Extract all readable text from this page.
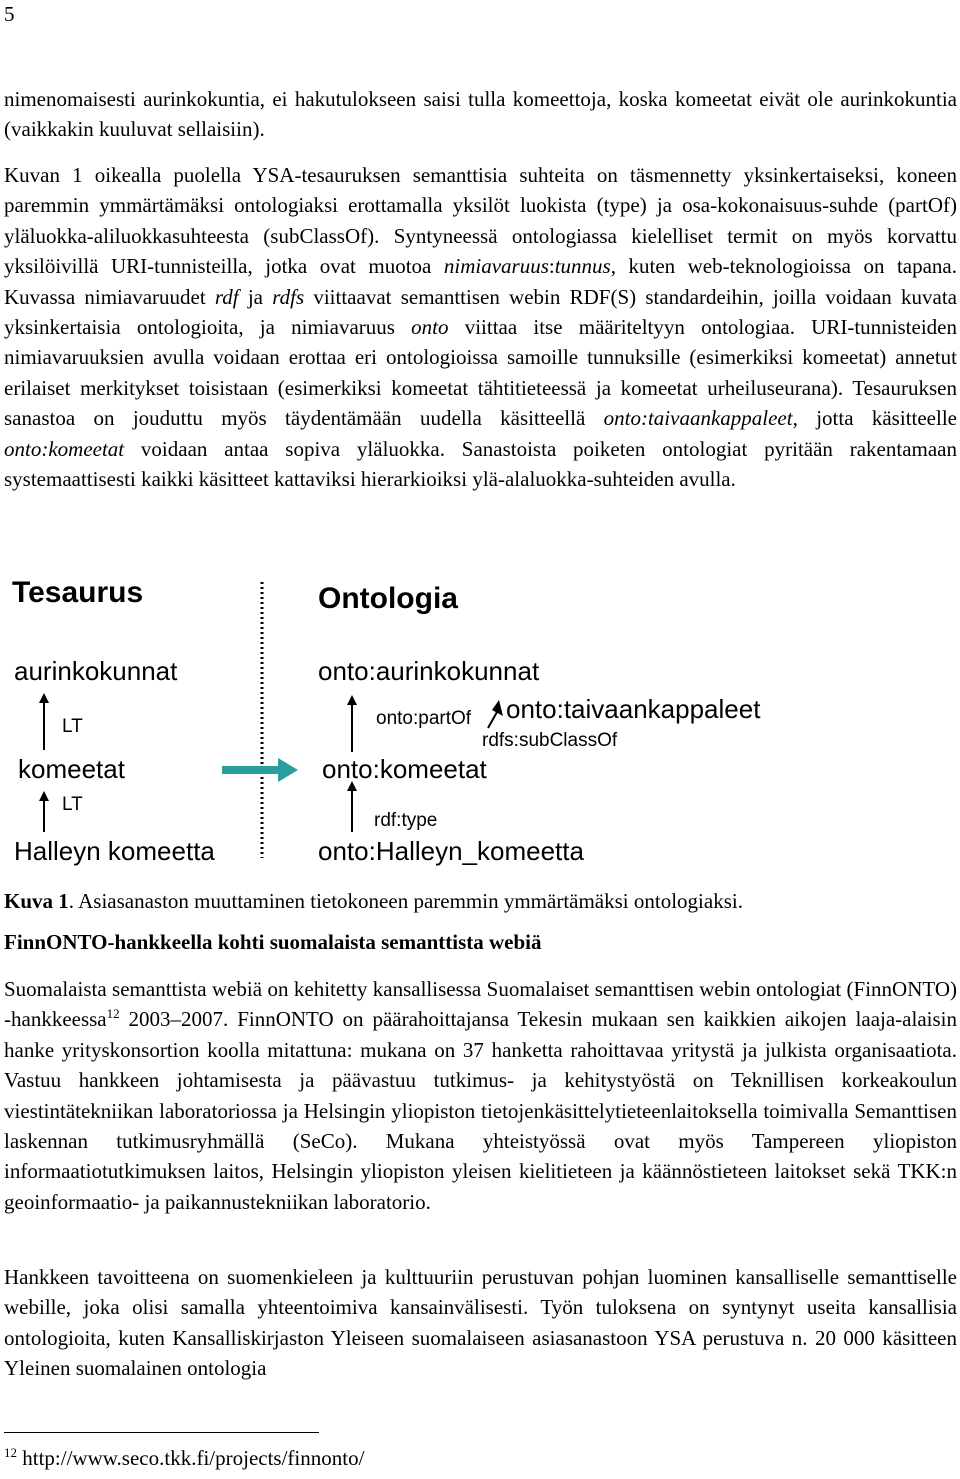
5

nimenomaisesti aurinkokuntia, ei hakutulokseen saisi tulla komeettoja, koska komeetat eivät ole aurinkokuntia (vaikkakin kuuluvat sellaisiin).

Kuvan 1 oikealla puolella YSA-tesauruksen semanttisia suhteita on täsmennetty yksinkertaiseksi, koneen paremmin ymmärtämäksi ontologiaksi erottamalla yksilöt luokista (type) ja osa-kokonaisuus-suhde (partOf) yläluokka-aliluokkasuhteesta (subClassOf). Syntyneessä ontologiassa kielelliset termit on myös korvattu yksilöivillä URI-tunnisteilla, jotka ovat muotoa nimiavaruus:tunnus, kuten web-teknologioissa on tapana. Kuvassa nimiavaruudet rdf ja rdfs viittaavat semanttisen webin RDF(S) standardeihin, joilla voidaan kuvata yksinkertaisia ontologioita, ja nimiavaruus onto viittaa itse määriteltyyn ontologiaa. URI-tunnisteiden nimiavaruuksien avulla voidaan erottaa eri ontologioissa samoille tunnuksille (esimerkiksi komeetat) annetut erilaiset merkitykset toisistaan (esimerkiksi komeetat tähtitieteessä ja komeetat urheiluseurana). Tesauruksen sanastoa on jouduttu myös täydentämään uudella käsitteellä onto:taivaankappaleet, jotta käsitteelle onto:komeetat voidaan antaa sopiva yläluokka. Sanastoista poiketen ontologiat pyritään rakentamaan systemaattisesti kaikki käsitteet kattaviksi hierarkioiksi ylä-alaluokka-suhteiden avulla.

Tesaurus	Ontologia
aurinkokunnat
LT
komeetat
LT
Halleyn komeetta
onto:aurinkokunnat
onto:partOf onto:taivaankappaleet
rdfs:subClassOf
onto:komeetat
rdf:type
onto:Halleyn_komeetta
Kuva 1. Asiasanaston muuttaminen tietokoneen paremmin ymmärtämäksi ontologiaksi.
FinnONTO-hankkeella kohti suomalaista semanttista webiä

Suomalaista semanttista webiä on kehitetty kansallisessa Suomalaiset semanttisen webin ontologiat (FinnONTO) -hankkeessa$^{12}$ 2003–2007. FinnONTO on päärahoittajansa Tekesin mukaan sen kaikkien aikojen laaja-alaisin hanke yrityskonsortion koolla mitattuna: mukana on 37 hanketta rahoittavaa yritystä ja julkista organisaatiota. Vastuu hankkeen johtamisesta ja päävastuu tutkimus- ja kehitystyöstä on Teknillisen korkeakoulun viestintätekniikan laboratoriossa ja Helsingin yliopiston tietojenkäsittelytieteenlaitoksella toimivalla Semanttisen laskennan tutkimusryhmällä (SeCo). Mukana yhteistyössä ovat myös Tampereen yliopiston informaatiotutkimuksen laitos, Helsingin yliopiston yleisen kielitieteen ja käännöstieteen laitokset sekä TKK:n geoinformaatio- ja paikannustekniikan laboratorio.

Hankkeen tavoitteena on suomenkieleen ja kulttuuriin perustuvan pohjan luominen kansalliselle semanttiselle webille, joka olisi samalla yhteentoimiva kansainvälisesti. Työn tuloksena on syntynyt useita kansallisia ontologioita, kuten Kansalliskirjaston Yleiseen suomalaiseen asiasanastoon YSA perustuva n. 20 000 käsitteen Yleinen suomalainen ontologia

$^{12}$ http://www.seco.tkk.fi/projects/finnonto/
